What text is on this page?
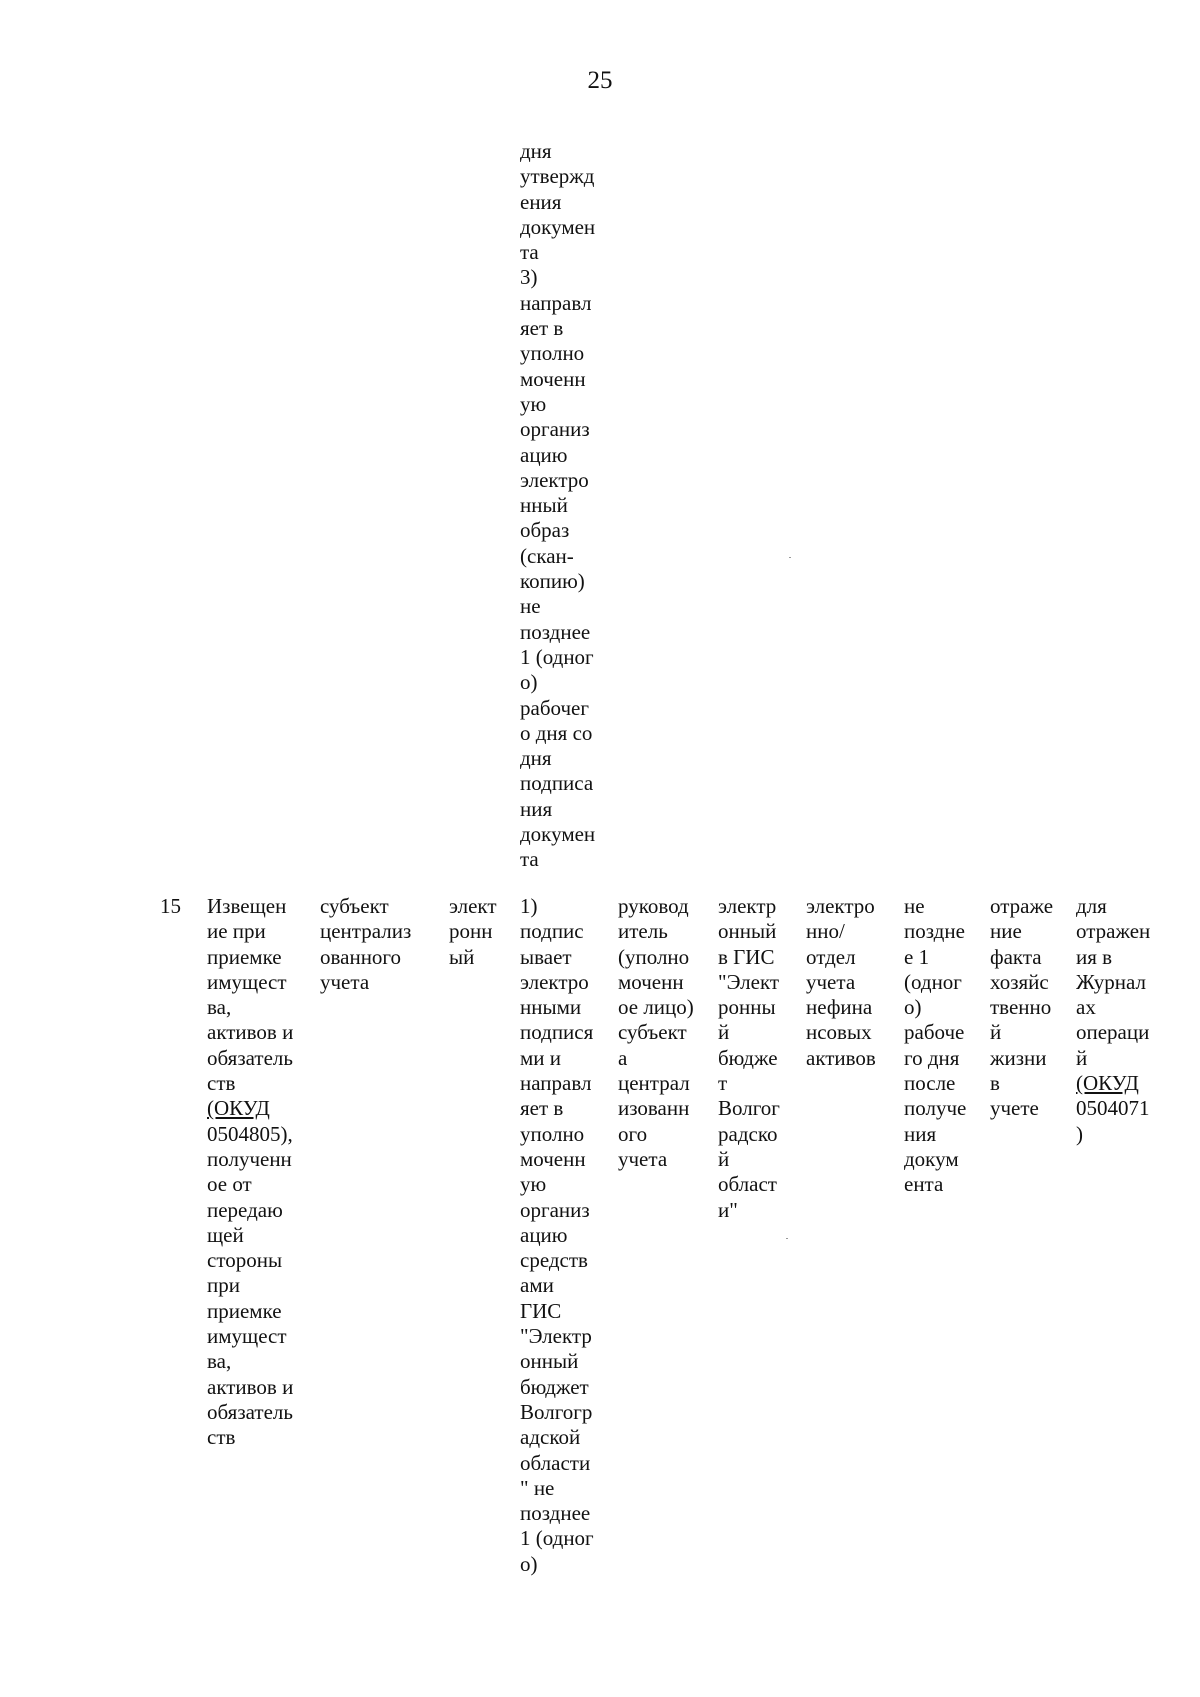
25
дня
утвержд
ения
докумен
та
3)
направл
яет в
уполно
моченн
ую
организ
ацию
электро
нный
образ
(скан-
копию)
не
позднее
1 (одног
о)
рабочег
о дня со
дня
подписа
ния
докумен
та
15 Извещен
ие при
приемке
имущест
ва,
активов и
обязатель
ств
(ОКУД
0504805),
полученн
ое от
передаю
щей
стороны
при
приемке
имущест
ва,
активов и
обязатель
ств
субъект
централиз
ованного
учета
элект
ронн
ый
1)
подпис
ывает
электро
нными
подпися
ми и
направл
яет в
уполно
моченн
ую
организ
ацию
средств
ами
ГИС
"Электр
онный
бюджет
Волгогр
адской
области
" не
позднее
1 (одног
о)
руковод
итель
(уполно
моченн
ое лицо)
субъект
а
централ
изованн
ого
учета
электр
онный
в ГИС
"Элект
ронны
й
бюдже
т
Волгог
радско
й
област
и"
электро
нно/
отдел
учета
нефина
нсовых
активов
не
поздне
е 1
(одног
о)
рабоче
го дня
после
получе
ния
докум
ента
отраже
ние
факта
хозяйс
твенно
й
жизни
в
учете
для
отражен
ия в
Журнал
ах
операци
й
(ОКУД
0504071
)
